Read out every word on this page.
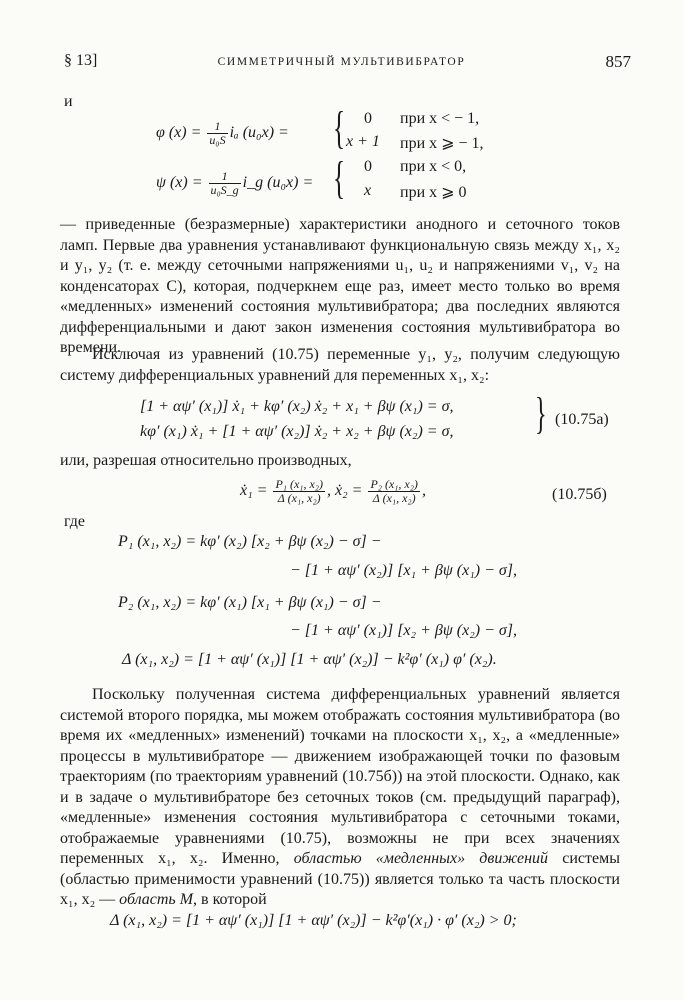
§ 13]	СИММЕТРИЧНЫЙ МУЛЬТИВИБРАТОР	857
и
φ $(x) = \frac{1}{\text{u₀S}}$ iₐ (u₀x) = { 0 при x < − 1,
x + 1 при x ⩾ − 1,
ψ $(x) = \frac{1}{\text{u₀S\_g}}$ i_g (u₀x) = { 0 при x < 0,
x при x ⩾ 0
— приведенные (безразмерные) характеристики анодного и сеточного токов ламп. Первые два уравнения устанавливают функциональную связь между x₁, x₂ и y₁, y₂ (т. е. между сеточными напряжениями u₁, u₂ и напряжениями v₁, v₂ на конденсаторах C), которая, подчеркнем еще раз, имеет место только во время «медленных» изменений состояния мультивибратора; два последних являются дифференциальными и дают закон изменения состояния мультивибратора во времени.
Исключая из уравнений (10.75) переменные y₁, y₂, получим следующую систему дифференциальных уравнений для переменных x₁, x₂:
[1 + αψ′ (x₁)] ẋ₁ + kφ′ (x₂) ẋ₂ + x₁ + βψ (x₁) = σ,
kφ′ (x₁) ẋ₁ + [1 + αψ′ (x₂)] ẋ₂ + x₂ + βψ (x₂) = σ, } (10.75а)
или, разрешая относительно производных,
ẋ₁ = $\frac{\text{P₁ (x₁, x₂)}}{\text{Δ (x₁, x₂)}}$ , ẋ₂ = $\frac{\text{P₂ (x₁, x₂)}}{\text{Δ (x₁, x₂)}}$ ,	(10.75б)
где
P₁ (x₁, x₂) = kφ′ (x₂) [x₂ + βψ (x₂) − σ] −
− [1 + αψ′ (x₂)] [x₁ + βψ (x₁) − σ],
P₂ (x₁, x₂) = kφ′ (x₁) [x₁ + βψ (x₁) − σ] −
− [1 + αψ′ (x₁)] [x₂ + βψ (x₂) − σ],
Δ (x₁, x₂) = [1 + αψ′ (x₁)] [1 + αψ′ (x₂)] − k²φ′ (x₁) φ′ (x₂).
Поскольку полученная система дифференциальных уравнений является системой второго порядка, мы можем отображать состояния мультивибратора (во время их «медленных» изменений) точками на плоскости x₁, x₂, а «медленные» процессы в мультивибраторе — движением изображающей точки по фазовым траекториям (по траекториям уравнений (10.75б)) на этой плоскости. Однако, как и в задаче о мультивибраторе без сеточных токов (см. предыдущий параграф), «медленные» изменения состояния мультивибратора с сеточными токами, отображаемые уравнениями (10.75), возможны не при всех значениях переменных x₁, x₂. Именно, областью «медленных» движений системы (областью применимости уравнений (10.75)) является только та часть плоскости x₁, x₂ — область M, в которой
Δ (x₁, x₂) = [1 + αψ′ (x₁)] [1 + αψ′ (x₂)] − k²φ′(x₁) · φ′ (x₂) > 0;
